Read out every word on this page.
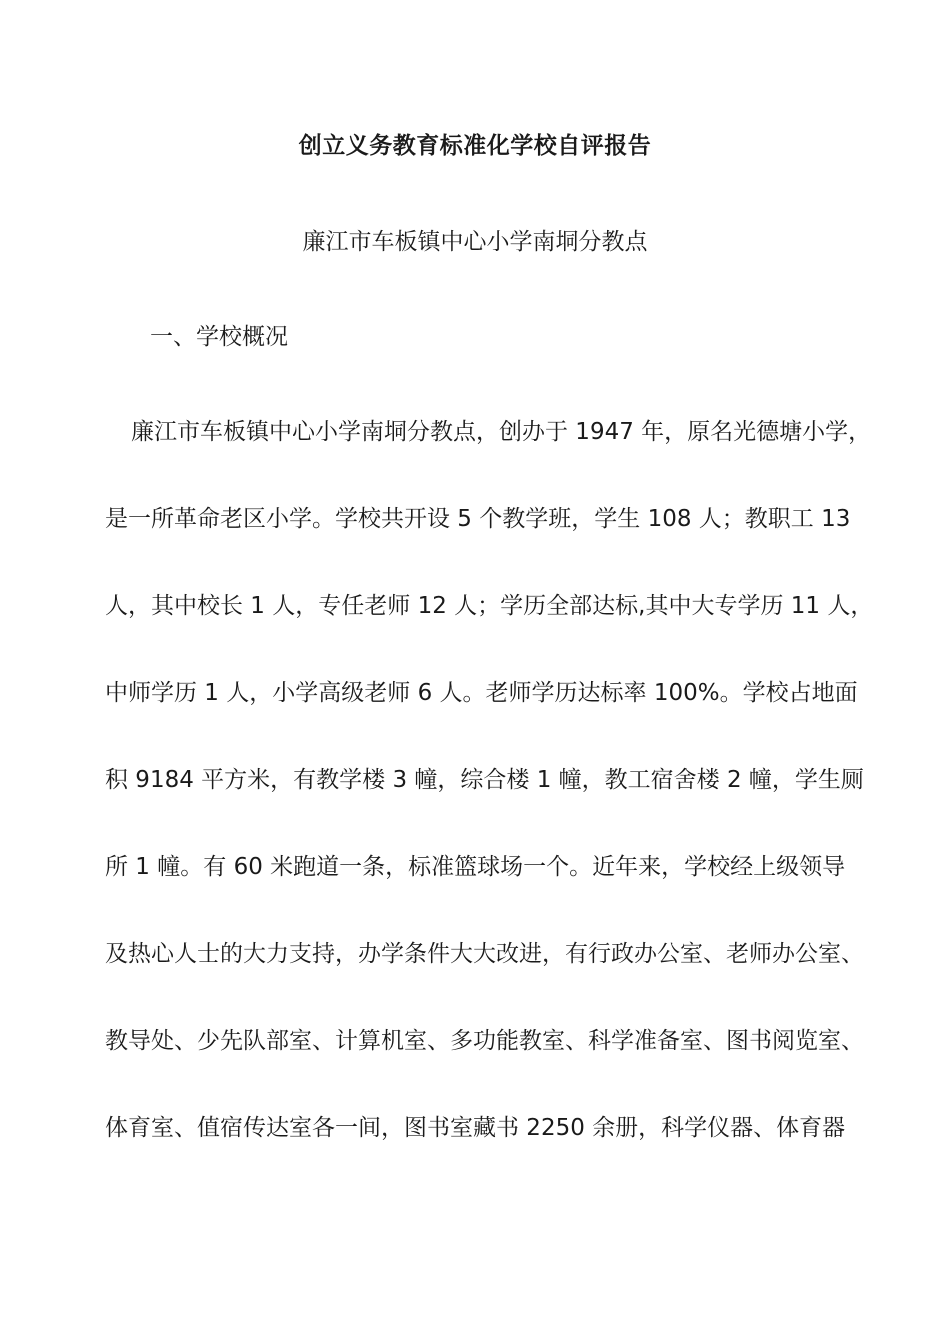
创立义务教育标准化学校自评报告
廉江市车板镇中心小学南垌分教点
一、学校概况
廉江市车板镇中心小学南垌分教点，创办于 1947 年，原名光德塘小学，
是一所革命老区小学。学校共开设 5 个教学班，学生 108 人；教职工 13
人，其中校长 1 人，专任老师 12 人；学历全部达标,其中大专学历 11 人，
中师学历 1 人，小学高级老师 6 人。老师学历达标率 100%。学校占地面
积 9184 平方米，有教学楼 3 幢，综合楼 1 幢，教工宿舍楼 2 幢，学生厕
所 1 幢。有 60 米跑道一条，标准篮球场一个。近年来，学校经上级领导
及热心人士的大力支持，办学条件大大改进，有行政办公室、老师办公室、
教导处、少先队部室、计算机室、多功能教室、科学准备室、图书阅览室、
体育室、值宿传达室各一间，图书室藏书 2250 余册，科学仪器、体育器
